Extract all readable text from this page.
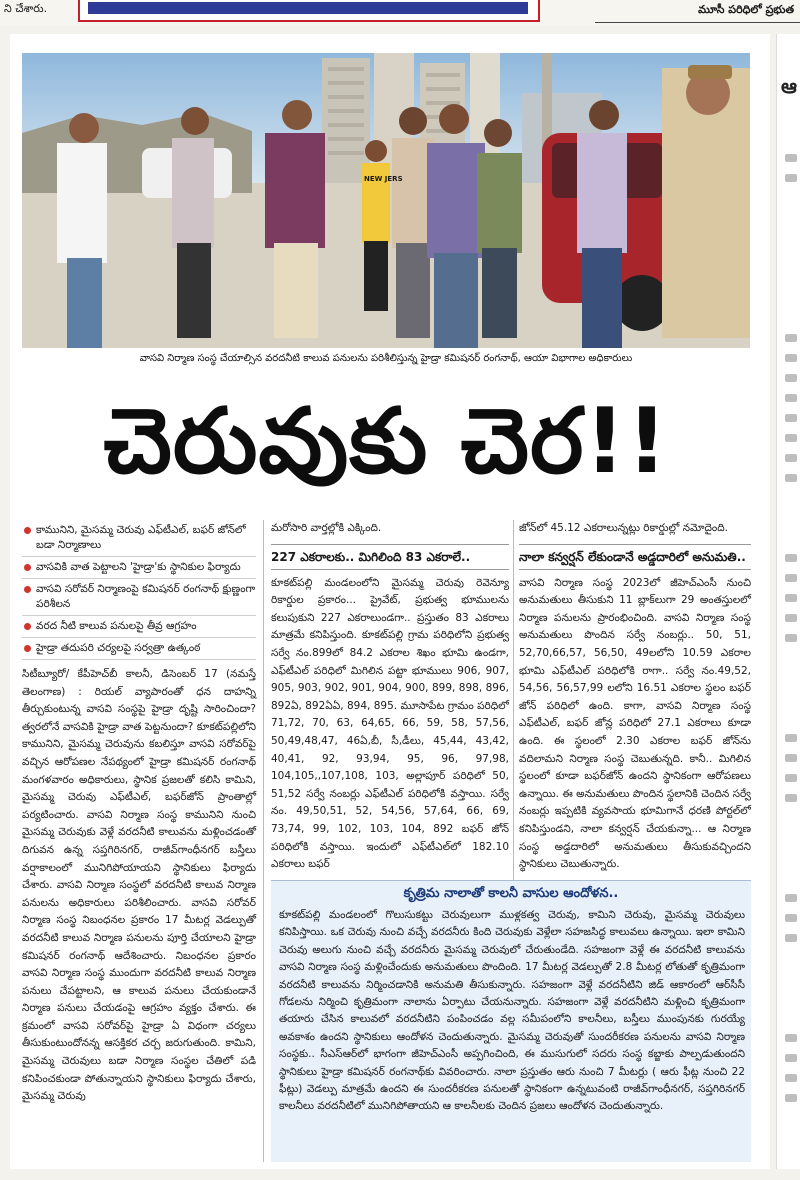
ని చేశారు.	మూసీ పరిధిలో ప్రభుత
ఆ
NEW JERS
వాసవి నిర్మాణ సంస్థ చేయాల్సిన వరదనీటి కాలువ పనులను పరిశీలిస్తున్న హైడ్రా కమిషనర్ రంగనాథ్, ఆయా విభాగాల అధికారులు
చెరువుకు చెర!!
కామునిని, మైసమ్మ చెరువు ఎఫ్‌టీఎల్, బఫర్ జోన్‌లో బడా నిర్మాణాలు
వాసవికి వాత పెట్టాలని 'హైడ్రా'కు స్థానికుల ఫిర్యాదు
వాసవి సరోవర్ నిర్మాణంపై కమిషనర్ రంగనాథ్ క్షుణ్ణంగా పరిశీలన
వరద నీటి కాలువ పనులపై తీవ్ర ఆగ్రహం
హైడ్రా తదుపరి చర్యలపై సర్వత్రా ఉత్కంఠ
సిటీబ్యూరో/ కేపీహెచ్‌బీ కాలనీ, డిసెంబర్ 17 (నమస్తే తెలంగాణ) : రియల్ వ్యాపారంతో ధన దాహన్ని తీర్చుకుంటున్న వాసవి సంస్థపై హైడ్రా దృష్టి సారించిందా? త్వరలోనే వాసవికి హైడ్రా వాత పెట్టనుందా? కూకట్‌పల్లిలోని కామునిని, మైసమ్మ చెరువును కబలిస్తూ వాసవి సరోవర్‌పై వచ్చిన ఆరోపణల నేపథ్యంలో హైడ్రా కమిషనర్ రంగనాథ్ మంగళవారం అధికారులు, స్థానిక ప్రజలతో కలిసి కామిని, మైసమ్మ చెరువు ఎఫ్‌టీఎల్, బఫర్‌జోన్ ప్రాంతాల్లో పర్యటించారు. వాసవి నిర్మాణ సంస్థ కామునిని నుంచి మైసమ్మ చెరువుకు వెళ్లే వరదనీటి కాలువను మళ్లించడంతో దిగువన ఉన్న సప్తగిరినగర్, రాజీవ్‌గాంధీనగర్ బస్తీలు వర్షాకాలంలో మునిగిపోయాయని స్థానికులు ఫిర్యాదు చేశారు. వాసవి నిర్మాణ సంస్థలో వరదనీటి కాలువ నిర్మాణ పనులను అధికారులు పరిశీలించారు. వాసవి సరోవర్ నిర్మాణ సంస్థ నిబంధనల ప్రకారం 17 మీటర్ల వెడల్పుతో వరదనీటి కాలువ నిర్మాణ పనులను పూర్తి చేయాలని హైడ్రా కమిషనర్ రంగనాథ్ ఆదేశించారు. నిబంధనల ప్రకారం వాసవి నిర్మాణ సంస్థ ముందుగా వరదనీటి కాలువ నిర్మాణ పనులు చేపట్టాలని, ఆ కాలువ పనులు చేయకుండానే నిర్మాణ పనులు చేయడంపై ఆగ్రహం వ్యక్తం చేశారు. ఈ క్రమంలో వాసవి సరోవర్‌పై హైడ్రా ఏ విధంగా చర్యలు తీసుకుంటుందోనన్న ఆసక్తికర చర్చ జరుగుతుంది. కామిని, మైసమ్మ చెరువులు బడా నిర్మాణ సంస్థల చేతిలో పడి కనిపించకుండా పోతున్నాయని స్థానికులు ఫిర్యాదు చేశారు, మైసమ్మ చెరువు
మరోసారి వార్తల్లోకి ఎక్కింది.
227 ఎకరాలకు.. మిగిలింది 83 ఎకరాలే..
కూకట్‌పల్లి మండలంలోని మైసమ్మ చెరువు రెవెన్యూ రికార్డుల ప్రకారం... ప్రైవేట్, ప్రభుత్వ భూములను కలుపుకుని 227 ఎకరాలుండగా.. ప్రస్తుతం 83 ఎకరాలు మాత్రమే కనిపిస్తుంది. కూకట్‌పల్లి గ్రామ పరిధిలోని ప్రభుత్వ సర్వే నం.899లో 84.2 ఎకరాల శిఖం భూమి ఉండగా, ఎఫ్‌టీఎల్ పరిధిలో మిగిలిన పట్టా భూములు 906, 907, 905, 903, 902, 901, 904, 900, 899, 898, 896, 892ఏ, 892ఏఏ, 894, 895. మూసాపేట గ్రామం పరిధిలో 71,72, 70, 63, 64,65, 66, 59, 58, 57,56, 50,49,48,47, 46ఏ,బీ, సీ,డీలు, 45,44, 43,42, 40,41, 92, 93,94, 95, 96, 97,98, 104,105,,107,108, 103, అల్లాపూర్ పరిధిలో 50, 51,52 సర్వే నంబర్లు ఎఫ్‌టీఎల్ పరిధిలోకి వస్తాయి. సర్వే నం. 49,50,51, 52, 54,56, 57,64, 66, 69, 73,74, 99, 102, 103, 104, 892 బఫర్ జోన్ పరిధిలోకి వస్తాయి. ఇందులో ఎఫ్‌టీఎల్‌లో 182.10 ఎకరాలు బఫర్
జోన్‌లో 45.12 ఎకరాలున్నట్లు రికార్డుల్లో నమోదైంది.
నాలా కన్వర్షన్ లేకుండానే అడ్డదారిలో అనుమతి..
వాసవి నిర్మాణ సంస్థ 2023లో జీహెచ్‌ఎంసీ నుంచి అనుమతులు తీసుకుని 11 బ్లాక్‌లుగా 29 అంతస్తులలో నిర్మాణ పనులను ప్రారంభించింది. వాసవి నిర్మాణ సంస్థ అనుమతులు పొందిన సర్వే నంబర్లు.. 50, 51, 52,70,66,57, 56,50, 49లలోని 10.59 ఎకరాల భూమి ఎఫ్‌టీఎల్ పరిధిలోకి రాగా.. సర్వే నం.49,52, 54,56, 56,57,99 లలోని 16.51 ఎకరాల స్థలం బఫర్ జోన్ పరిధిలో ఉంది. కాగా, వాసవి నిర్మాణ సంస్థ ఎఫ్‌టీఎల్, బఫర్ జోన్ల పరిధిలో 27.1 ఎకరాలు కూడా ఉంది. ఈ స్థలంలో 2.30 ఎకరాల బఫర్ జోన్‌ను వదిలామని నిర్మాణ సంస్థ చెబుతున్నది. కానీ.. మిగిలిన స్థలంలో కూడా బఫర్‌జోన్ ఉందని స్థానికంగా ఆరోపణలు ఉన్నాయి. ఈ అనుమతులు పొందిన స్థలానికి చెందిన సర్వే నంబర్లు ఇప్పటికి వ్యవసాయ భూమిగానే ధరణి పోర్టల్‌లో కనిపిస్తుండని, నాలా కన్వర్షన్ చేయకున్నా... ఆ నిర్మాణ సంస్థ అడ్డదారిలో అనుమతులు తీసుకువచ్చిందని స్థానికులు చెబుతున్నారు.
కృత్రిమ నాలాతో కాలనీ వాసుల ఆందోళన..
కూకట్‌పల్లి మండలంలో గొలుసుకట్టు చెరువులుగా ముళ్లకత్వ చెరువు, కామిని చెరువు, మైసమ్మ చెరువులు కనిపిస్తాయి. ఒక చెరువు నుంచి వచ్చే వరదనీరు కింది చెరువుకు వెళ్లేలా సహజసిద్ధ కాలువలు ఉన్నాయి. ఇలా కామిని చెరువు అలుగు నుంచి వచ్చే వరదనీరు మైసమ్మ చెరువులో చేరుతుండేది. సహజంగా వెళ్లే ఈ వరదనీటి కాలువను వాసవి నిర్మాణ సంస్థ మళ్లించేందుకు అనుమతులు పొందింది. 17 మీటర్ల వెడల్పుతో 2.8 మీటర్ల లోతుతో కృత్రిమంగా వరదనీటి కాలువను నిర్మించడానికి అనుమతి తీసుకున్నారు. సహజంగా వెళ్లే వరదనీటిని జిడ్ ఆకారంలో ఆర్‌సీసీ గోడలను నిర్మించి కృత్రిమంగా నాలాను ఏర్పాటు చేయనున్నారు. సహజంగా వెళ్లే వరదనీటిని మళ్లించి కృత్రిమంగా తయారు చేసిన కాలువలో వరదనీటిని పంపించడం వల్ల సమీపంలోని కాలనీలు, బస్తీలు ముంపునకు గురయ్యే అవకాశం ఉందని స్థానికులు ఆందోళన చెందుతున్నారు. మైసమ్మ చెరువుతో సుందరీకరణ పనులను వాసవి నిర్మాణ సంస్థకు.. సీఎస్‌ఆర్‌లో భాగంగా జీహెచ్‌ఎంసీ అప్పగించింది, ఈ ముసుగులో సదరు సంస్థ కబ్జాకు పాల్పడుతుందని స్థానికులు హైడ్రా కమిషనర్ రంగనాథ్‌కు వివరించారు. నాలా ప్రస్తుతం ఆరు నుంచి 7 మీటర్లు ( ఆరు ఫీట్ల నుంచి 22 ఫీట్లు) వెడల్పు మాత్రమే ఉందని ఈ సుందరీకరణ పనులతో స్థానికంగా ఉన్నటువంటి రాజీవ్‌గాంధీనగర్, సప్తగిరినగర్ కాలనీలు వరదనీటిలో మునిగిపోతాయని ఆ కాలనీలకు చెందిన ప్రజలు ఆందోళన చెందుతున్నారు.
